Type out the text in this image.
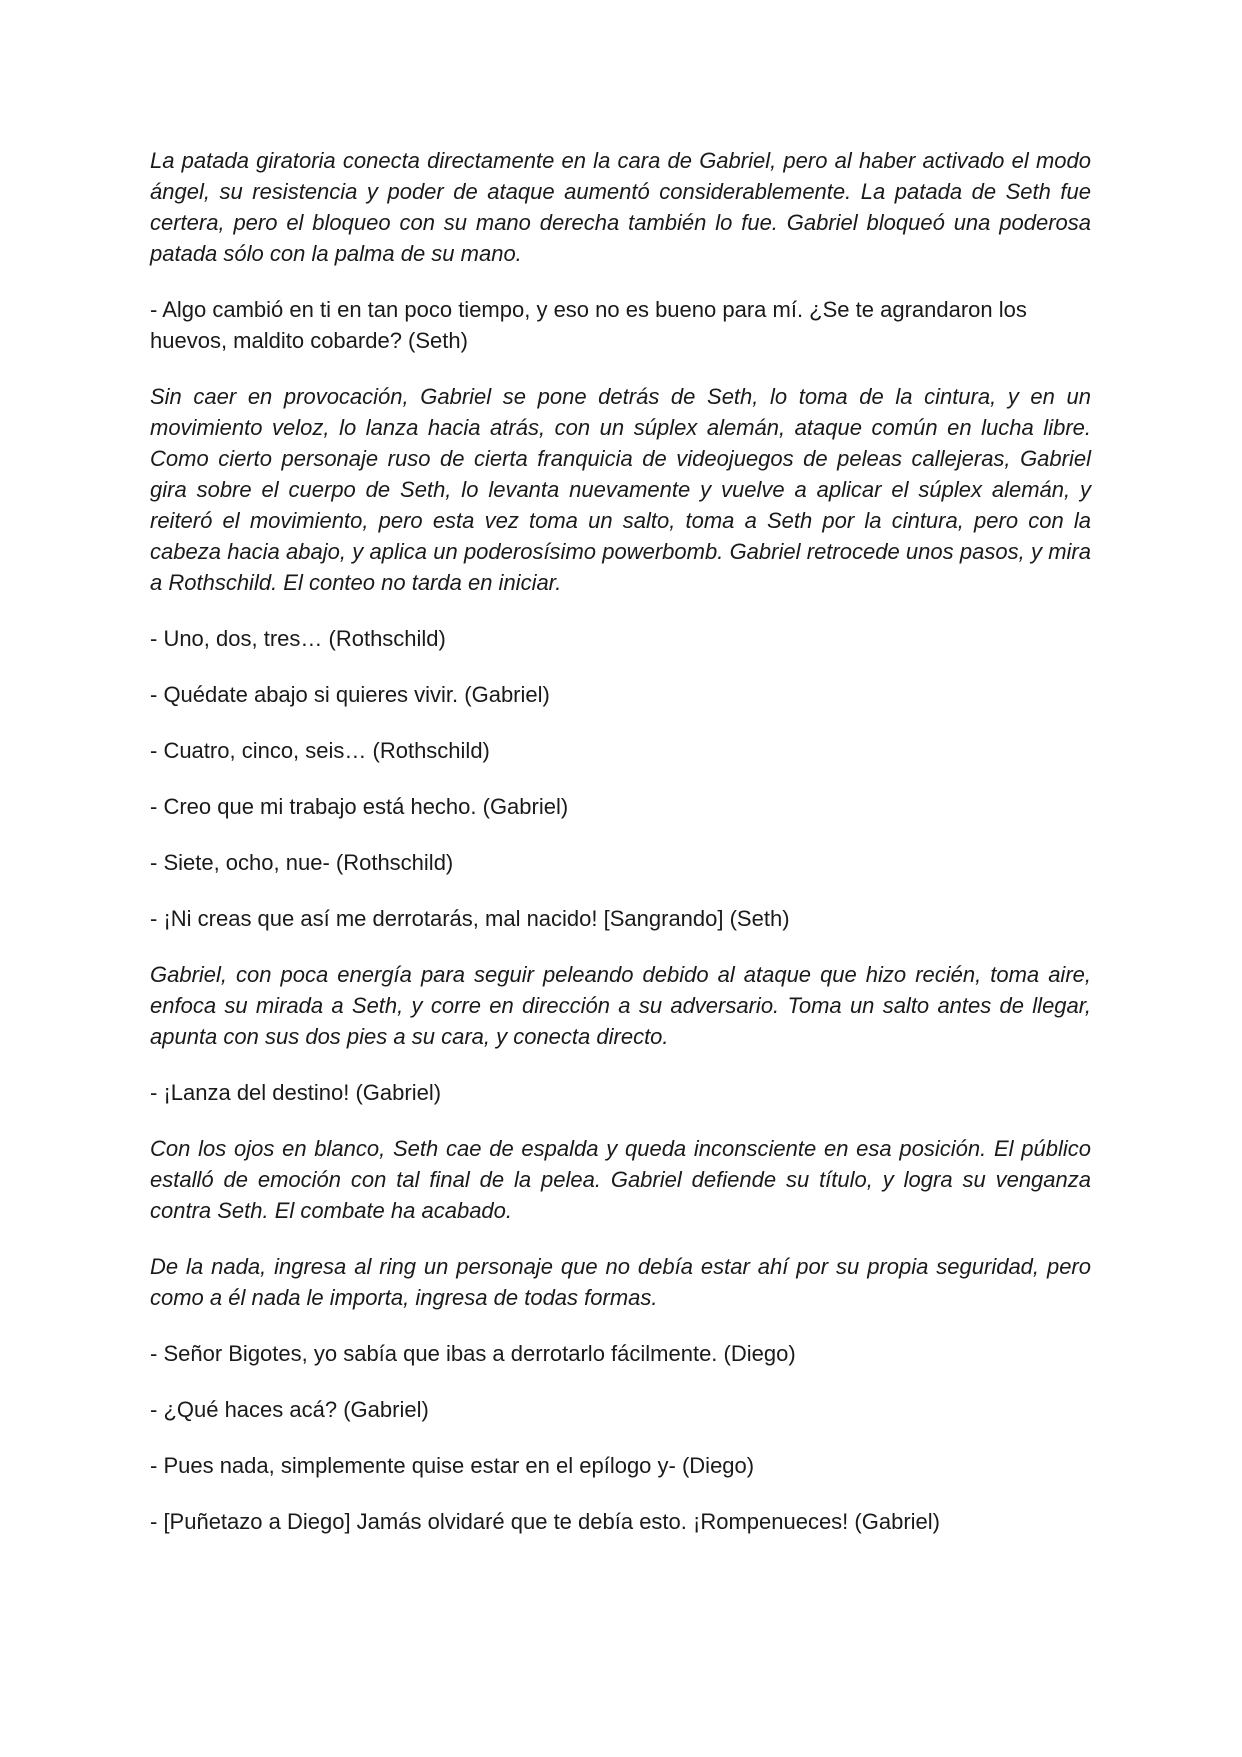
La patada giratoria conecta directamente en la cara de Gabriel, pero al haber activado el modo ángel, su resistencia y poder de ataque aumentó considerablemente. La patada de Seth fue certera, pero el bloqueo con su mano derecha también lo fue. Gabriel bloqueó una poderosa patada sólo con la palma de su mano.

- Algo cambió en ti en tan poco tiempo, y eso no es bueno para mí. ¿Se te agrandaron los huevos, maldito cobarde? (Seth)

Sin caer en provocación, Gabriel se pone detrás de Seth, lo toma de la cintura, y en un movimiento veloz, lo lanza hacia atrás, con un súplex alemán, ataque común en lucha libre. Como cierto personaje ruso de cierta franquicia de videojuegos de peleas callejeras, Gabriel gira sobre el cuerpo de Seth, lo levanta nuevamente y vuelve a aplicar el súplex alemán, y reiteró el movimiento, pero esta vez toma un salto, toma a Seth por la cintura, pero con la cabeza hacia abajo, y aplica un poderosísimo powerbomb. Gabriel retrocede unos pasos, y mira a Rothschild. El conteo no tarda en iniciar.

- Uno, dos, tres… (Rothschild)

- Quédate abajo si quieres vivir. (Gabriel)

- Cuatro, cinco, seis… (Rothschild)

- Creo que mi trabajo está hecho. (Gabriel)

- Siete, ocho, nue- (Rothschild)

- ¡Ni creas que así me derrotarás, mal nacido! [Sangrando] (Seth)

Gabriel, con poca energía para seguir peleando debido al ataque que hizo recién, toma aire, enfoca su mirada a Seth, y corre en dirección a su adversario. Toma un salto antes de llegar, apunta con sus dos pies a su cara, y conecta directo.

- ¡Lanza del destino! (Gabriel)

Con los ojos en blanco, Seth cae de espalda y queda inconsciente en esa posición. El público estalló de emoción con tal final de la pelea. Gabriel defiende su título, y logra su venganza contra Seth. El combate ha acabado.

De la nada, ingresa al ring un personaje que no debía estar ahí por su propia seguridad, pero como a él nada le importa, ingresa de todas formas.

- Señor Bigotes, yo sabía que ibas a derrotarlo fácilmente. (Diego)

- ¿Qué haces acá? (Gabriel)

- Pues nada, simplemente quise estar en el epílogo y- (Diego)

- [Puñetazo a Diego] Jamás olvidaré que te debía esto. ¡Rompenueces! (Gabriel)
